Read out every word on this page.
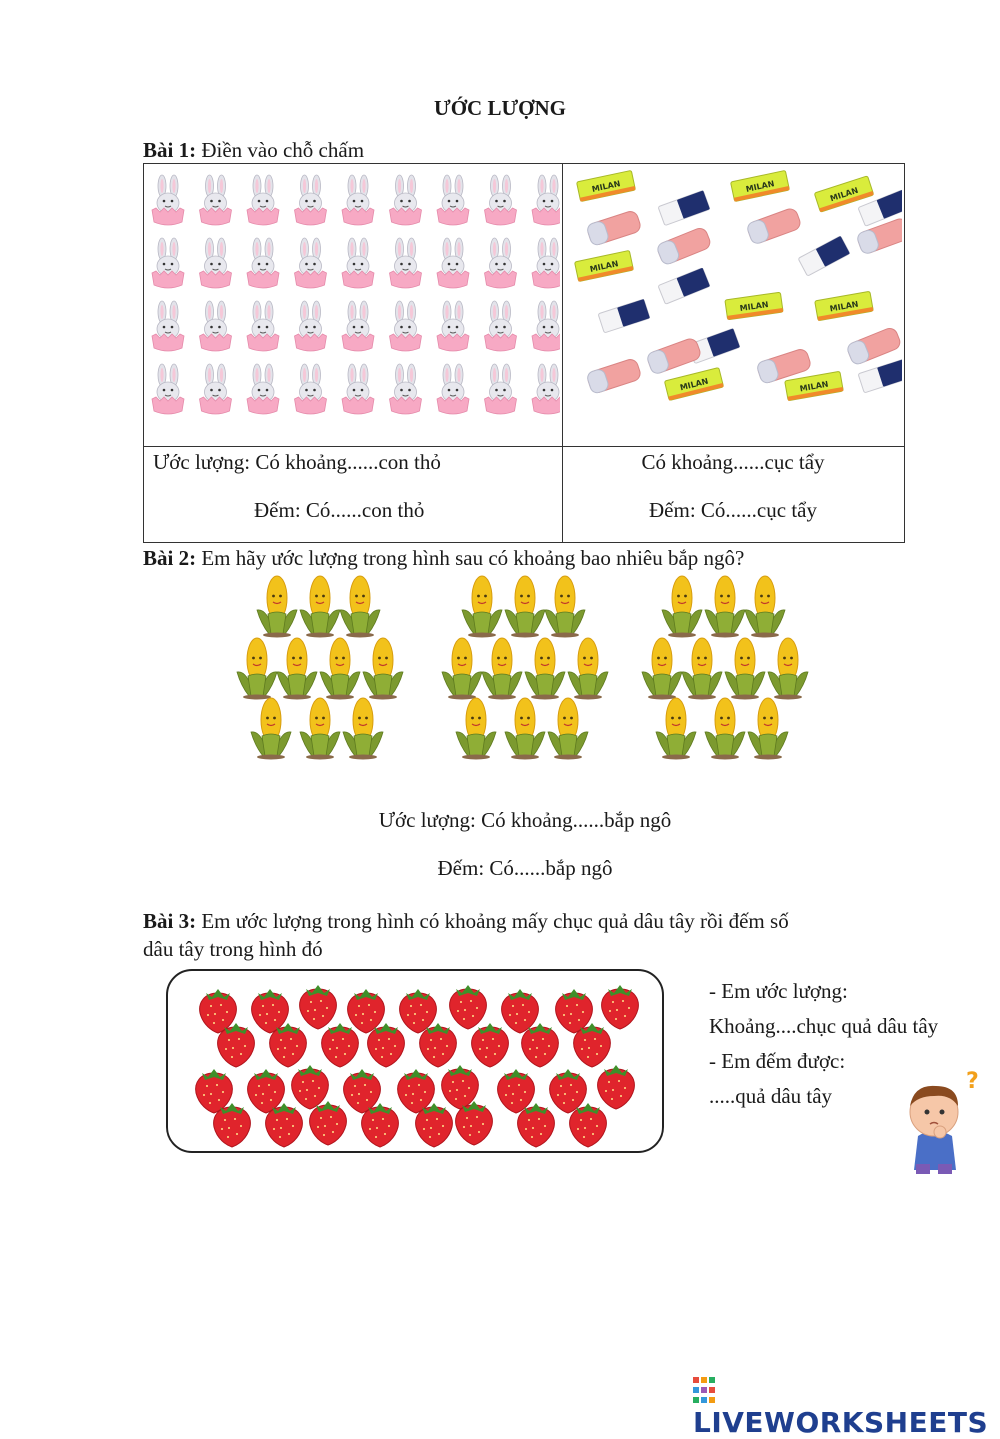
ƯỚC LƯỢNG
Bài 1: Điền vào chỗ chấm
Ước lượng: Có khoảng......con thỏ
Đếm: Có......con thỏ
Có khoảng......cục tẩy
Đếm: Có......cục tẩy
Bài 2: Em hãy ước lượng trong hình sau có khoảng bao nhiêu bắp ngô?
Ước lượng: Có khoảng......bắp ngô
Đếm: Có......bắp ngô
Bài 3: Em ước lượng trong hình có khoảng mấy chục quả dâu tây rồi đếm số
dâu tây trong hình đó
- Em ước lượng:
Khoảng....chục quả dâu tây
- Em đếm được:
.....quả dâu tây
?
LIVEWORKSHEETS
